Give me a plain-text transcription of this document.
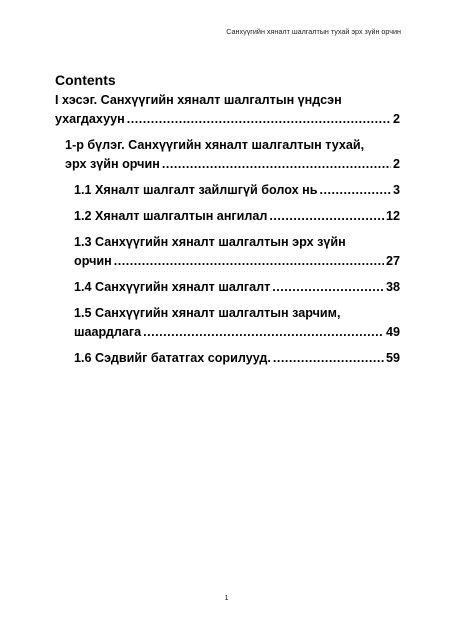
Санхүүгийн хяналт шалгалтын тухай эрх зүйн орчин
Contents
I хэсэг. Санхүүгийн хяналт шалгалтын үндсэн
ухагдахуун .....	2
1-р бүлэг. Санхүүгийн хяналт шалгалтын тухай,
эрх зүйн орчин .....	2
1.1 Хяналт шалгалт зайлшгүй болох нь .....	3
1.2 Хяналт шалгалтын ангилал .....	12
1.3 Санхүүгийн хяналт шалгалтын эрх зүйн
орчин .....	27
1.4 Санхүүгийн хяналт шалгалт .....	38
1.5 Санхүүгийн хяналт шалгалтын зарчим,
шаардлага .....	49
1.6 Сэдвийг бататгах сорилууд. .....	59
1
